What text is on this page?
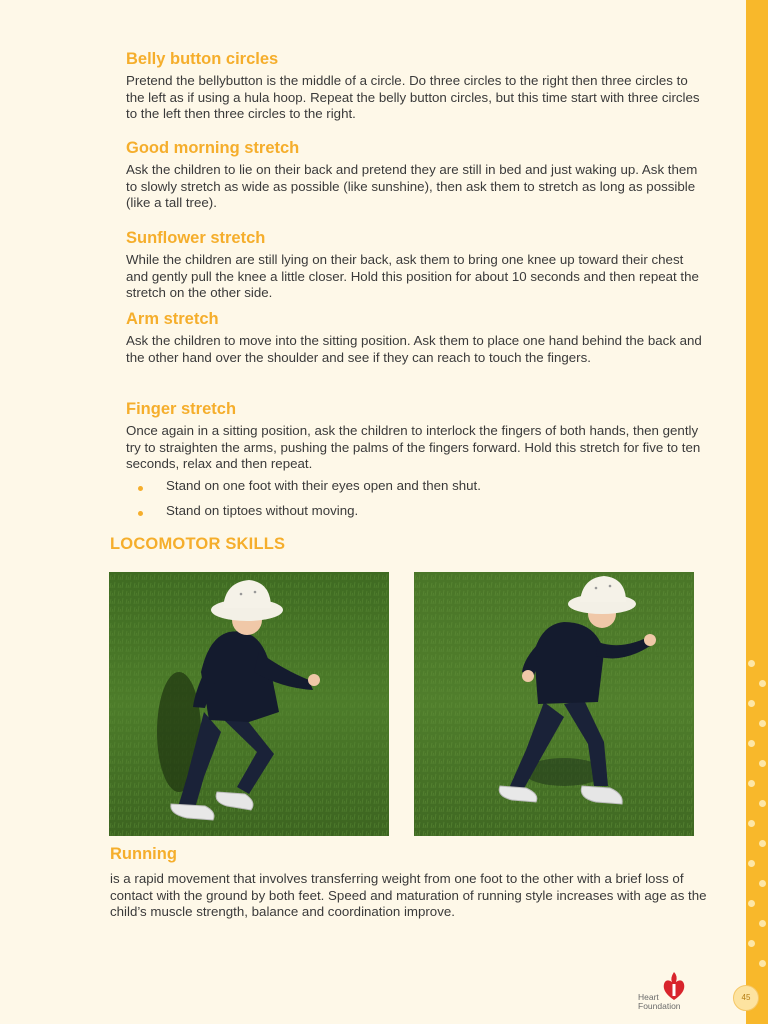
Belly button circles

Pretend the bellybutton is the middle of a circle. Do three circles to the right then three circles to the left as if using a hula hoop. Repeat the belly button circles, but this time start with three circles to the left then three circles to the right.

Good morning stretch

Ask the children to lie on their back and pretend they are still in bed and just waking up. Ask them to slowly stretch as wide as possible (like sunshine), then ask them to stretch as long as possible (like a tall tree).

Sunflower stretch

While the children are still lying on their back, ask them to bring one knee up toward their chest and gently pull the knee a little closer. Hold this position for about 10 seconds and then repeat the stretch on the other side.

Arm stretch

Ask the children to move into the sitting position. Ask them to place one hand behind the back and the other hand over the shoulder and see if they can reach to touch the fingers.

Finger stretch

Once again in a sitting position, ask the children to interlock the fingers of both hands, then gently try to straighten the arms, pushing the palms of the fingers forward. Hold this stretch for five to ten seconds, relax and then repeat.

Stand on one foot with their eyes open and then shut.
Stand on tiptoes without moving.
LOCOMOTOR SKILLS
Running
is a rapid movement that involves transferring weight from one foot to the other with a brief loss of contact with the ground by both feet. Speed and maturation of running style increases with age as the child’s muscle strength, balance and coordination improve.
Heart
Foundation
45
